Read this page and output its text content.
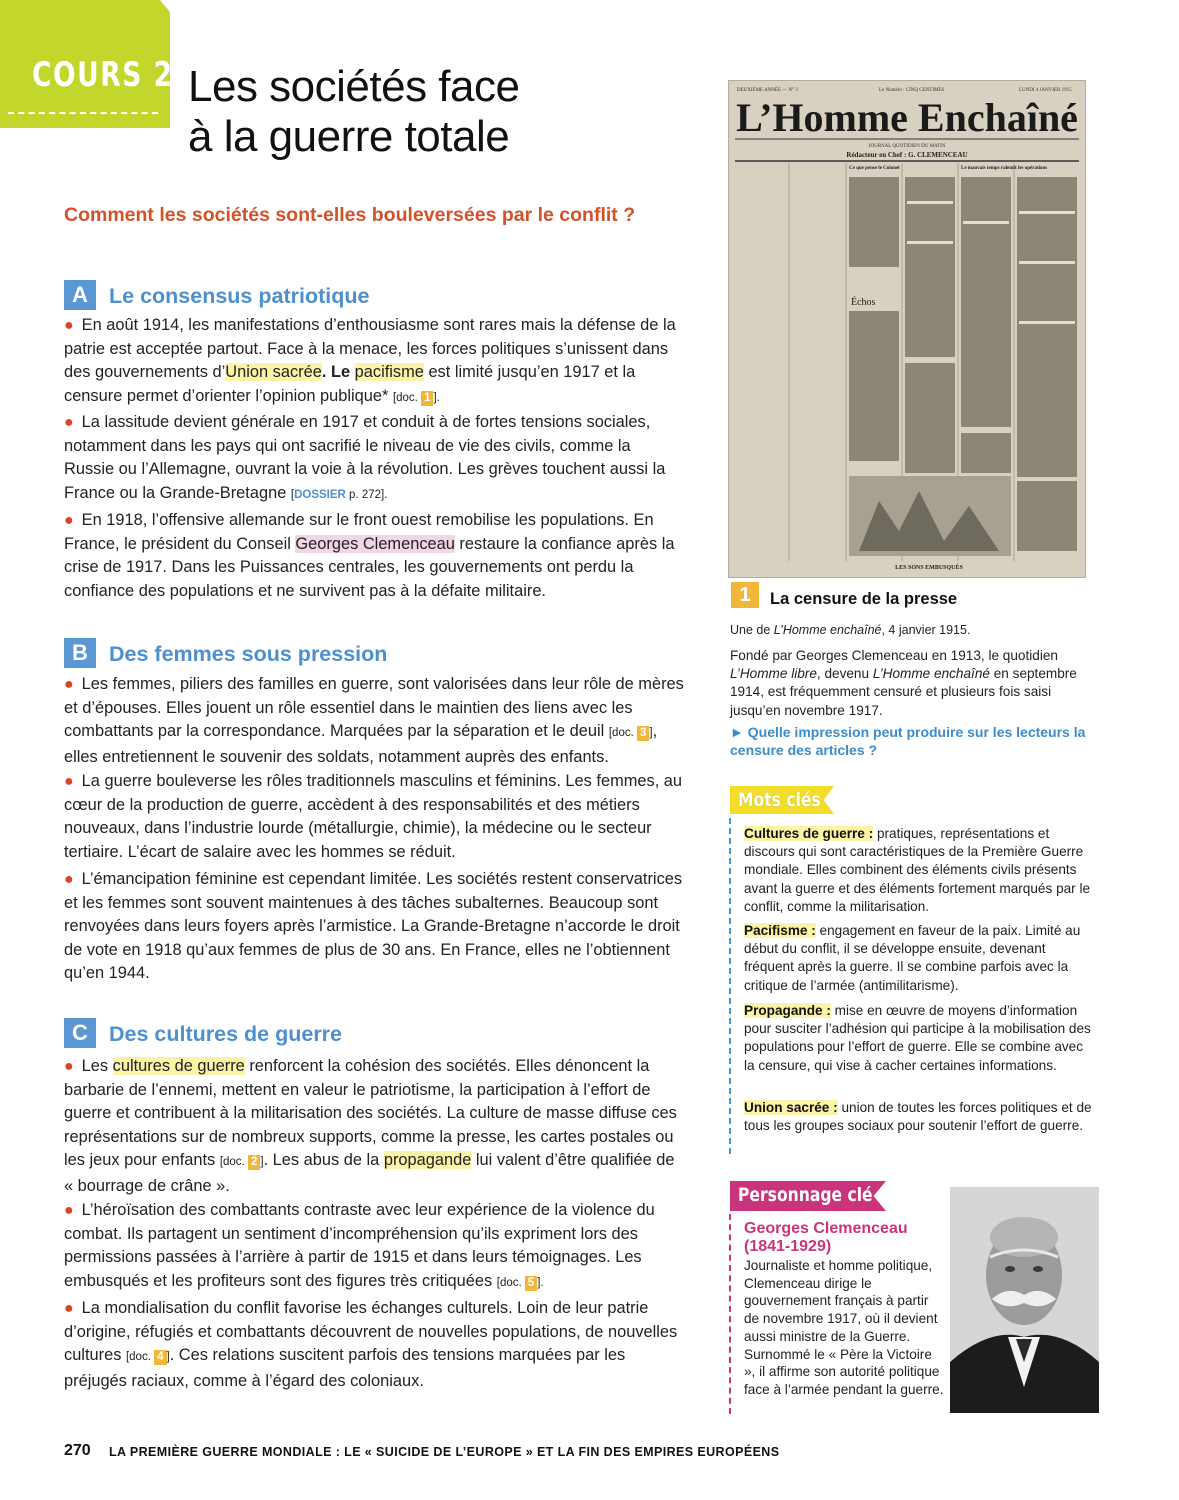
COURS 2 Les sociétés face
à la guerre totale
Comment les sociétés sont-elles bouleversées par le conflit ?
A Le consensus patriotique
● En août 1914, les manifestations d’enthousiasme sont rares mais la défense de la patrie est acceptée partout. Face à la menace, les forces politiques s’unissent dans des gouvernements d’Union sacrée. Le pacifisme est limité jusqu’en 1917 et la censure permet d’orienter l’opinion publique* [doc. 1 ].
● La lassitude devient générale en 1917 et conduit à de fortes tensions sociales, notamment dans les pays qui ont sacrifié le niveau de vie des civils, comme la Russie ou l’Allemagne, ouvrant la voie à la révolution. Les grèves touchent aussi la France ou la Grande-Bretagne [DOSSIER p. 272].
● En 1918, l’offensive allemande sur le front ouest remobilise les populations. En France, le président du Conseil Georges Clemenceau restaure la confiance après la crise de 1917. Dans les Puissances centrales, les gouvernements ont perdu la confiance des populations et ne survivent pas à la défaite militaire.
B Des femmes sous pression
● Les femmes, piliers des familles en guerre, sont valorisées dans leur rôle de mères et d’épouses. Elles jouent un rôle essentiel dans le maintien des liens avec les combattants par la correspondance. Marquées par la séparation et le deuil [doc. 3 ], elles entretiennent le souvenir des soldats, notamment auprès des enfants.
● La guerre bouleverse les rôles traditionnels masculins et féminins. Les femmes, au cœur de la production de guerre, accèdent à des responsabilités et des métiers nouveaux, dans l’industrie lourde (métallurgie, chimie), la médecine ou le secteur tertiaire. L’écart de salaire avec les hommes se réduit.
● L’émancipation féminine est cependant limitée. Les sociétés restent conservatrices et les femmes sont souvent maintenues à des tâches subalternes. Beaucoup sont renvoyées dans leurs foyers après l’armistice. La Grande-Bretagne n’accorde le droit de vote en 1918 qu’aux femmes de plus de 30 ans. En France, elles ne l’obtiennent qu’en 1944.
C Des cultures de guerre
● Les cultures de guerre renforcent la cohésion des sociétés. Elles dénoncent la barbarie de l’ennemi, mettent en valeur le patriotisme, la participation à l’effort de guerre et contribuent à la militarisation des sociétés. La culture de masse diffuse ces représentations sur de nombreux supports, comme la presse, les cartes postales ou les jeux pour enfants [doc. 2 ]. Les abus de la propagande lui valent d’être qualifiée de « bourrage de crâne ».
● L’héroïsation des combattants contraste avec leur expérience de la violence du combat. Ils partagent un sentiment d’incompréhension qu’ils expriment lors des permissions passées à l’arrière à partir de 1915 et dans leurs témoignages. Les embusqués et les profiteurs sont des figures très critiquées [doc. 5 ].
● La mondialisation du conflit favorise les échanges culturels. Loin de leur patrie d’origine, réfugiés et combattants découvrent de nouvelles populations, de nouvelles cultures [doc. 4 ]. Ces relations suscitent parfois des tensions marquées par les préjugés raciaux, comme à l’égard des coloniaux.
DEUXIÈME ANNÉE — N° 3	Le Numéro : CINQ CENTIMES	LUNDI 4 JANVIER 1915
L’Homme Enchaîné
JOURNAL QUOTIDIEN DU MATIN
Rédacteur en Chef : G. CLEMENCEAU
Ce que pense le Colonel	Le mauvais temps ralentit les opérations
Échos
LES SONS EMBUSQUÉS
1	La censure de la presse
Une de L’Homme enchaîné, 4 janvier 1915.
Fondé par Georges Clemenceau en 1913, le quotidien L’Homme libre, devenu L’Homme enchaîné en septembre 1914, est fréquemment censuré et plusieurs fois saisi jusqu’en novembre 1917.
► Quelle impression peut produire sur les lecteurs la censure des articles ?
Mots clés
Cultures de guerre : pratiques, représentations et discours qui sont caractéristiques de la Première Guerre mondiale. Elles combinent des éléments civils présents avant la guerre et des éléments fortement marqués par le conflit, comme la militarisation.
Pacifisme : engagement en faveur de la paix. Limité au début du conflit, il se développe ensuite, devenant fréquent après la guerre. Il se combine parfois avec la critique de l’armée (antimilitarisme).
Propagande : mise en œuvre de moyens d’information pour susciter l’adhésion qui participe à la mobilisation des populations pour l’effort de guerre. Elle se combine avec la censure, qui vise à cacher certaines informations.
Union sacrée : union de toutes les forces politiques et de tous les groupes sociaux pour soutenir l’effort de guerre.
Personnage clé
Georges Clemenceau
(1841-1929)
Journaliste et homme politique, Clemenceau dirige le gouvernement français à partir de novembre 1917, où il devient aussi ministre de la Guerre. Surnommé le « Père la Victoire », il affirme son autorité politique face à l’armée pendant la guerre.
270 LA PREMIÈRE GUERRE MONDIALE : LE « SUICIDE DE L’EUROPE » ET LA FIN DES EMPIRES EUROPÉENS
